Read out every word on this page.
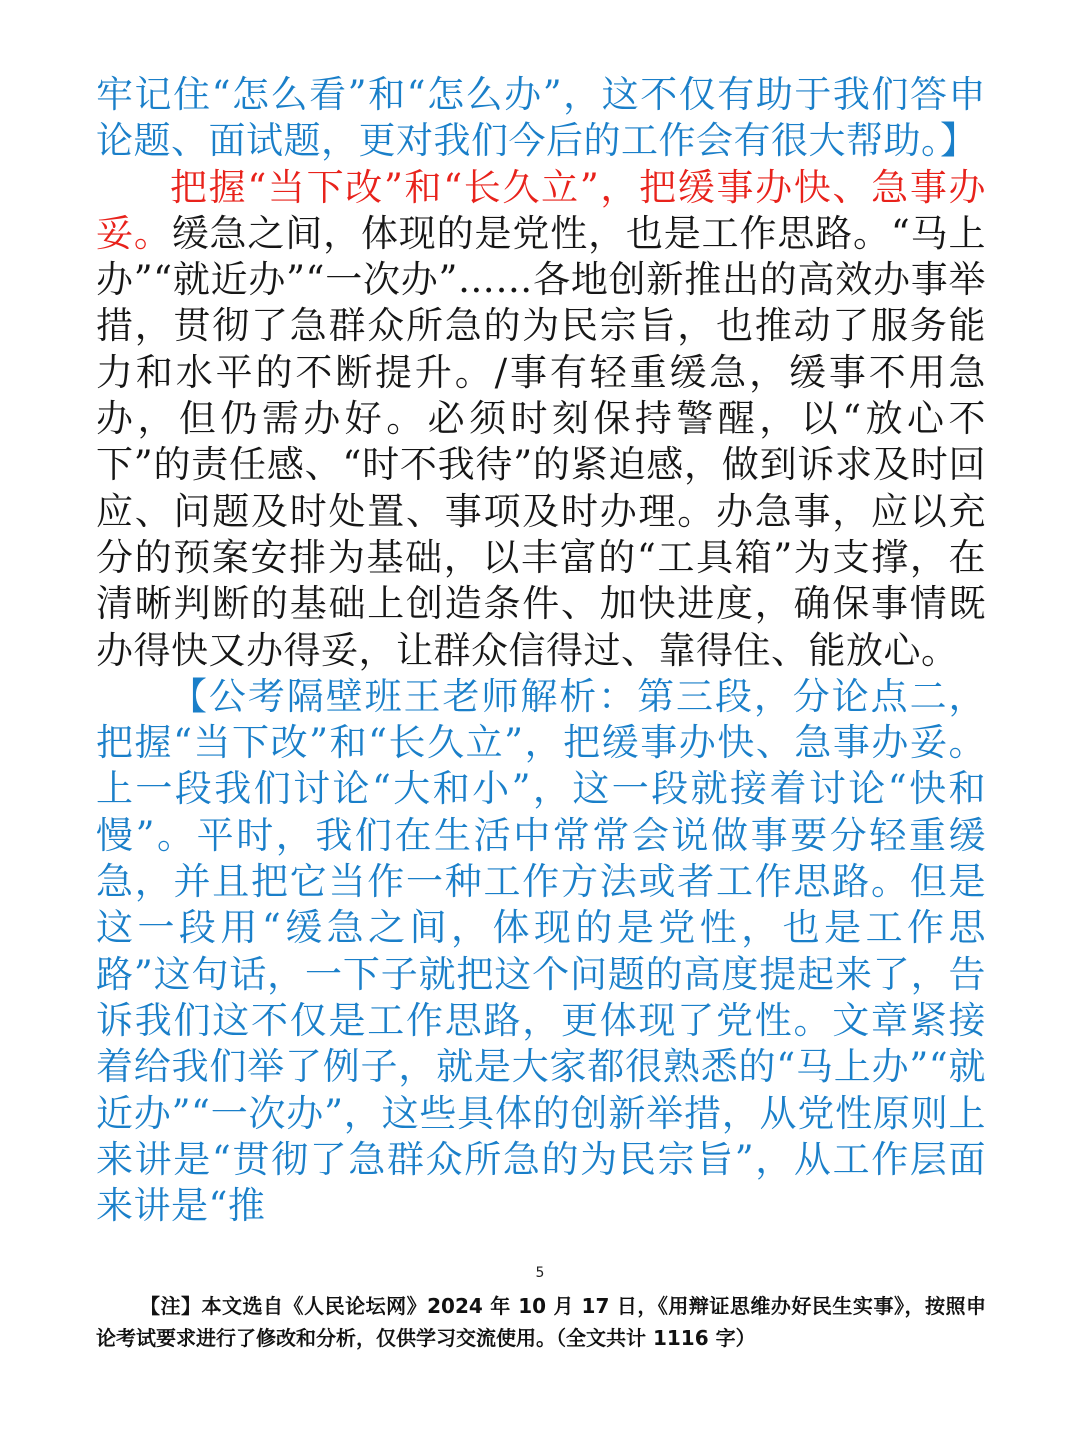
牢记住“怎么看”和“怎么办”，这不仅有助于我们答申论题、面试题，更对我们今后的工作会有很大帮助。】

把握“当下改”和“长久立”，把缓事办快、急事办妥。缓急之间，体现的是党性，也是工作思路。“马上办”“就近办”“一次办”……各地创新推出的高效办事举措，贯彻了急群众所急的为民宗旨，也推动了服务能力和水平的不断提升。/事有轻重缓急，缓事不用急办，但仍需办好。必须时刻保持警醒，以“放心不下”的责任感、“时不我待”的紧迫感，做到诉求及时回应、问题及时处置、事项及时办理。办急事，应以充分的预案安排为基础，以丰富的“工具箱”为支撑，在清晰判断的基础上创造条件、加快进度，确保事情既办得快又办得妥，让群众信得过、靠得住、能放心。

【公考隔壁班王老师解析：第三段，分论点二，把握“当下改”和“长久立”，把缓事办快、急事办妥。上一段我们讨论“大和小”，这一段就接着讨论“快和慢”。平时，我们在生活中常常会说做事要分轻重缓急，并且把它当作一种工作方法或者工作思路。但是这一段用“缓急之间，体现的是党性，也是工作思路”这句话，一下子就把这个问题的高度提起来了，告诉我们这不仅是工作思路，更体现了党性。文章紧接着给我们举了例子，就是大家都很熟悉的“马上办”“就近办”“一次办”，这些具体的创新举措，从党性原则上来讲是“贯彻了急群众所急的为民宗旨”，从工作层面来讲是“推

5

【注】本文选自《人民论坛网》2024 年 10 月 17 日，《用辩证思维办好民生实事》，按照申论考试要求进行了修改和分析，仅供学习交流使用。（全文共计 1116 字）
